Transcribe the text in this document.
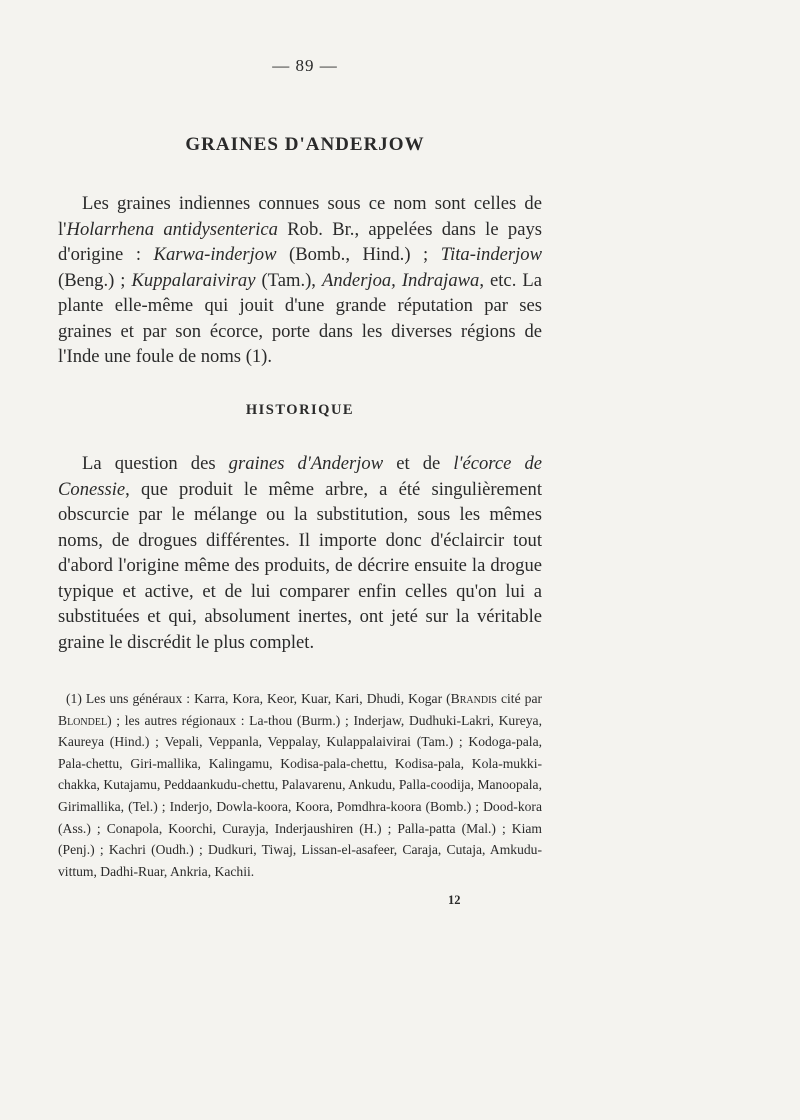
— 89 —
GRAINES D'ANDERJOW
Les graines indiennes connues sous ce nom sont celles de l'Holarrhena antidysenterica Rob. Br., appelées dans le pays d'origine : Karwa-inderjow (Bomb., Hind.) ; Tita-inderjow (Beng.) ; Kuppalaraiviray (Tam.), Anderjoa, Indrajawa, etc. La plante elle-même qui jouit d'une grande réputation par ses graines et par son écorce, porte dans les diverses régions de l'Inde une foule de noms (1).
HISTORIQUE
La question des graines d'Anderjow et de l'écorce de Conessie, que produit le même arbre, a été singulièrement obscurcie par le mélange ou la substitution, sous les mêmes noms, de drogues différentes. Il importe donc d'éclaircir tout d'abord l'origine même des produits, de décrire ensuite la drogue typique et active, et de lui comparer enfin celles qu'on lui a substituées et qui, absolument inertes, ont jeté sur la véritable graine le discrédit le plus complet.
(1) Les uns généraux : Karra, Kora, Keor, Kuar, Kari, Dhudi, Kogar (Brandis cité par Blondel) ; les autres régionaux : La-thou (Burm.) ; Inderjaw, Dudhuki-Lakri, Kureya, Kaureya (Hind.) ; Vepali, Veppanla, Veppalay, Kulappalaivirai (Tam.) ; Kodoga-pala, Pala-chettu, Giri-mallika, Kalingamu, Kodisa-pala-chettu, Kodisa-pala, Kola-mukki-chakka, Kutajamu, Peddaankudu-chettu, Palavarenu, Ankudu, Palla-coodija, Manoopala, Girimallika, (Tel.) ; Inderjo, Dowla-koora, Koora, Pomdhra-koora (Bomb.) ; Dood-kora (Ass.) ; Conapola, Koorchi, Curayja, Inderjaushiren (H.) ; Palla-patta (Mal.) ; Kiam (Penj.) ; Kachri (Oudh.) ; Dudkuri, Tiwaj, Lissan-el-asafeer, Caraja, Cutaja, Amkudu-vittum, Dadhi-Ruar, Ankria, Kachii.
12
